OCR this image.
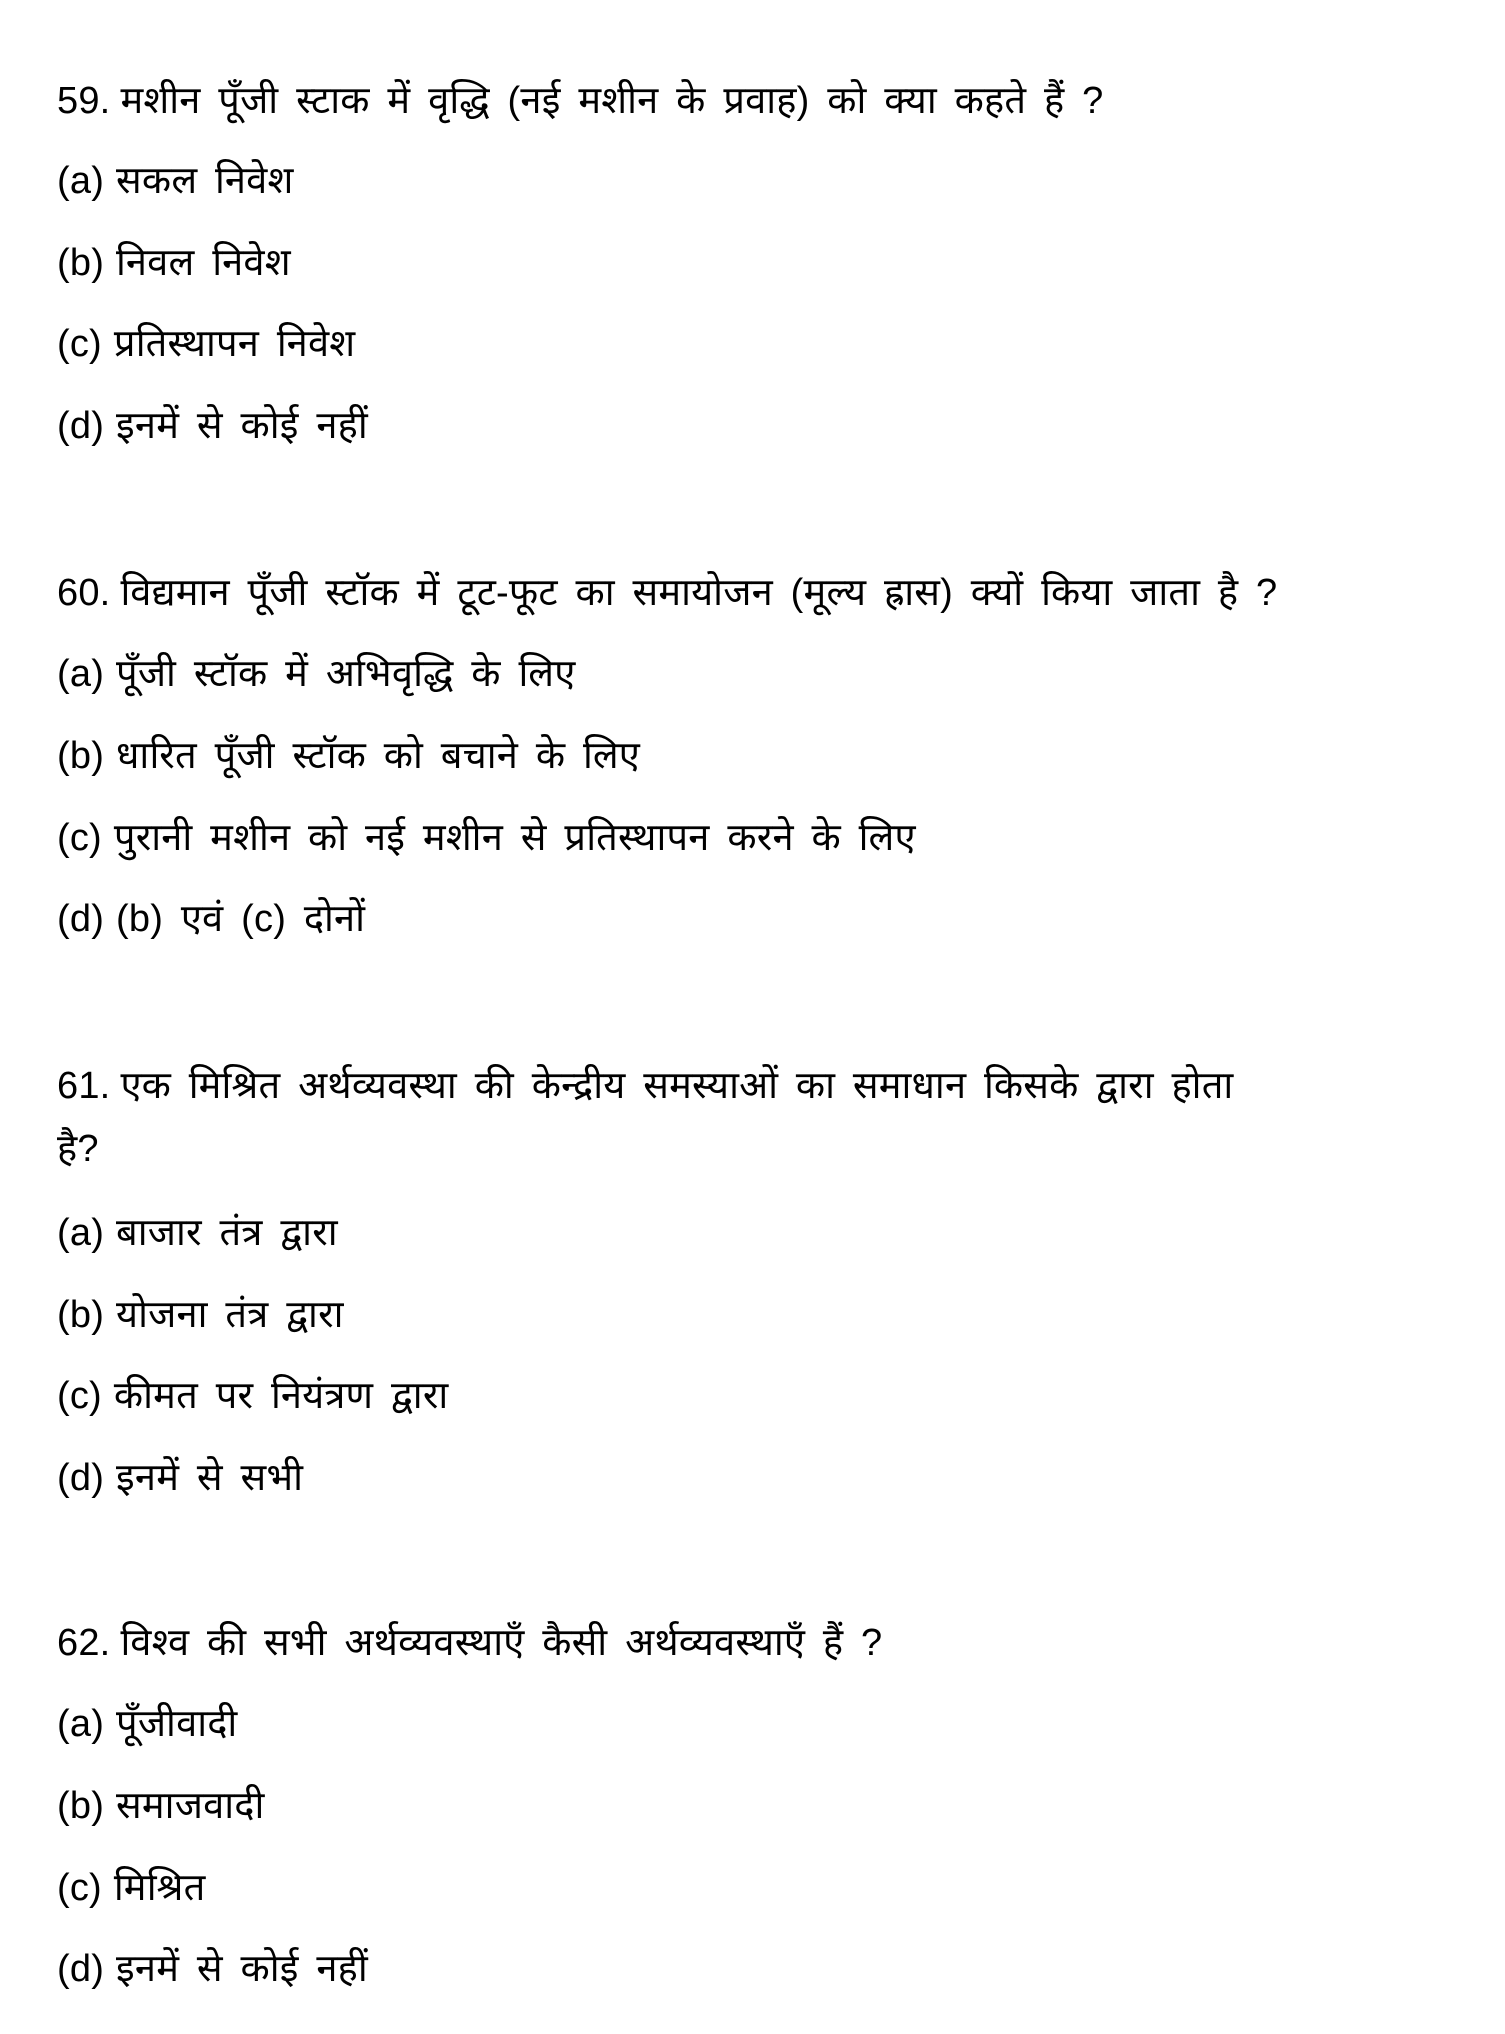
59. मशीन पूँजी स्टाक में वृद्धि (नई मशीन के प्रवाह) को क्या कहते हैं ?
(a) सकल निवेश
(b) निवल निवेश
(c) प्रतिस्थापन निवेश
(d) इनमें से कोई नहीं
60. विद्यमान पूँजी स्टॉक में टूट-फूट का समायोजन (मूल्य ह्रास) क्यों किया जाता है ?
(a) पूँजी स्टॉक में अभिवृद्धि के लिए
(b) धारित पूँजी स्टॉक को बचाने के लिए
(c) पुरानी मशीन को नई मशीन से प्रतिस्थापन करने के लिए
(d) (b) एवं (c) दोनों
61. एक मिश्रित अर्थव्यवस्था की केन्द्रीय समस्याओं का समाधान किसके द्वारा होता
है?
(a) बाजार तंत्र द्वारा
(b) योजना तंत्र द्वारा
(c) कीमत पर नियंत्रण द्वारा
(d) इनमें से सभी
62. विश्व की सभी अर्थव्यवस्थाएँ कैसी अर्थव्यवस्थाएँ हैं ?
(a) पूँजीवादी
(b) समाजवादी
(c) मिश्रित
(d) इनमें से कोई नहीं
